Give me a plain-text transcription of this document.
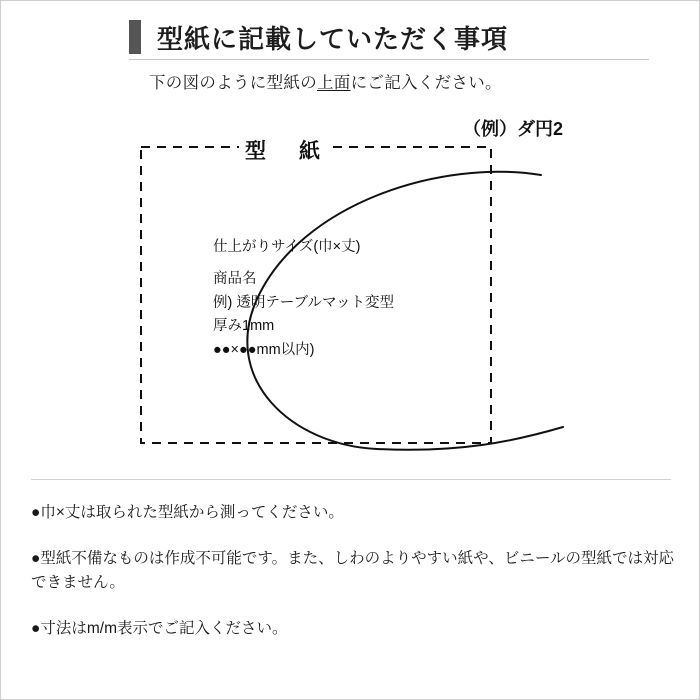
型紙に記載していただく事項
下の図のように型紙の上面にご記入ください。
型　紙
（例）ダ円2
仕上がりサイズ(巾×丈)
商品名
例) 透明テーブルマット変型
厚み1mm
●●×●●mm以内)
●巾×丈は取られた型紙から測ってください。
●型紙不備なものは作成不可能です。また、しわのよりやすい紙や、ビニールの型紙では対応できません。
●寸法はm/m表示でご記入ください。
